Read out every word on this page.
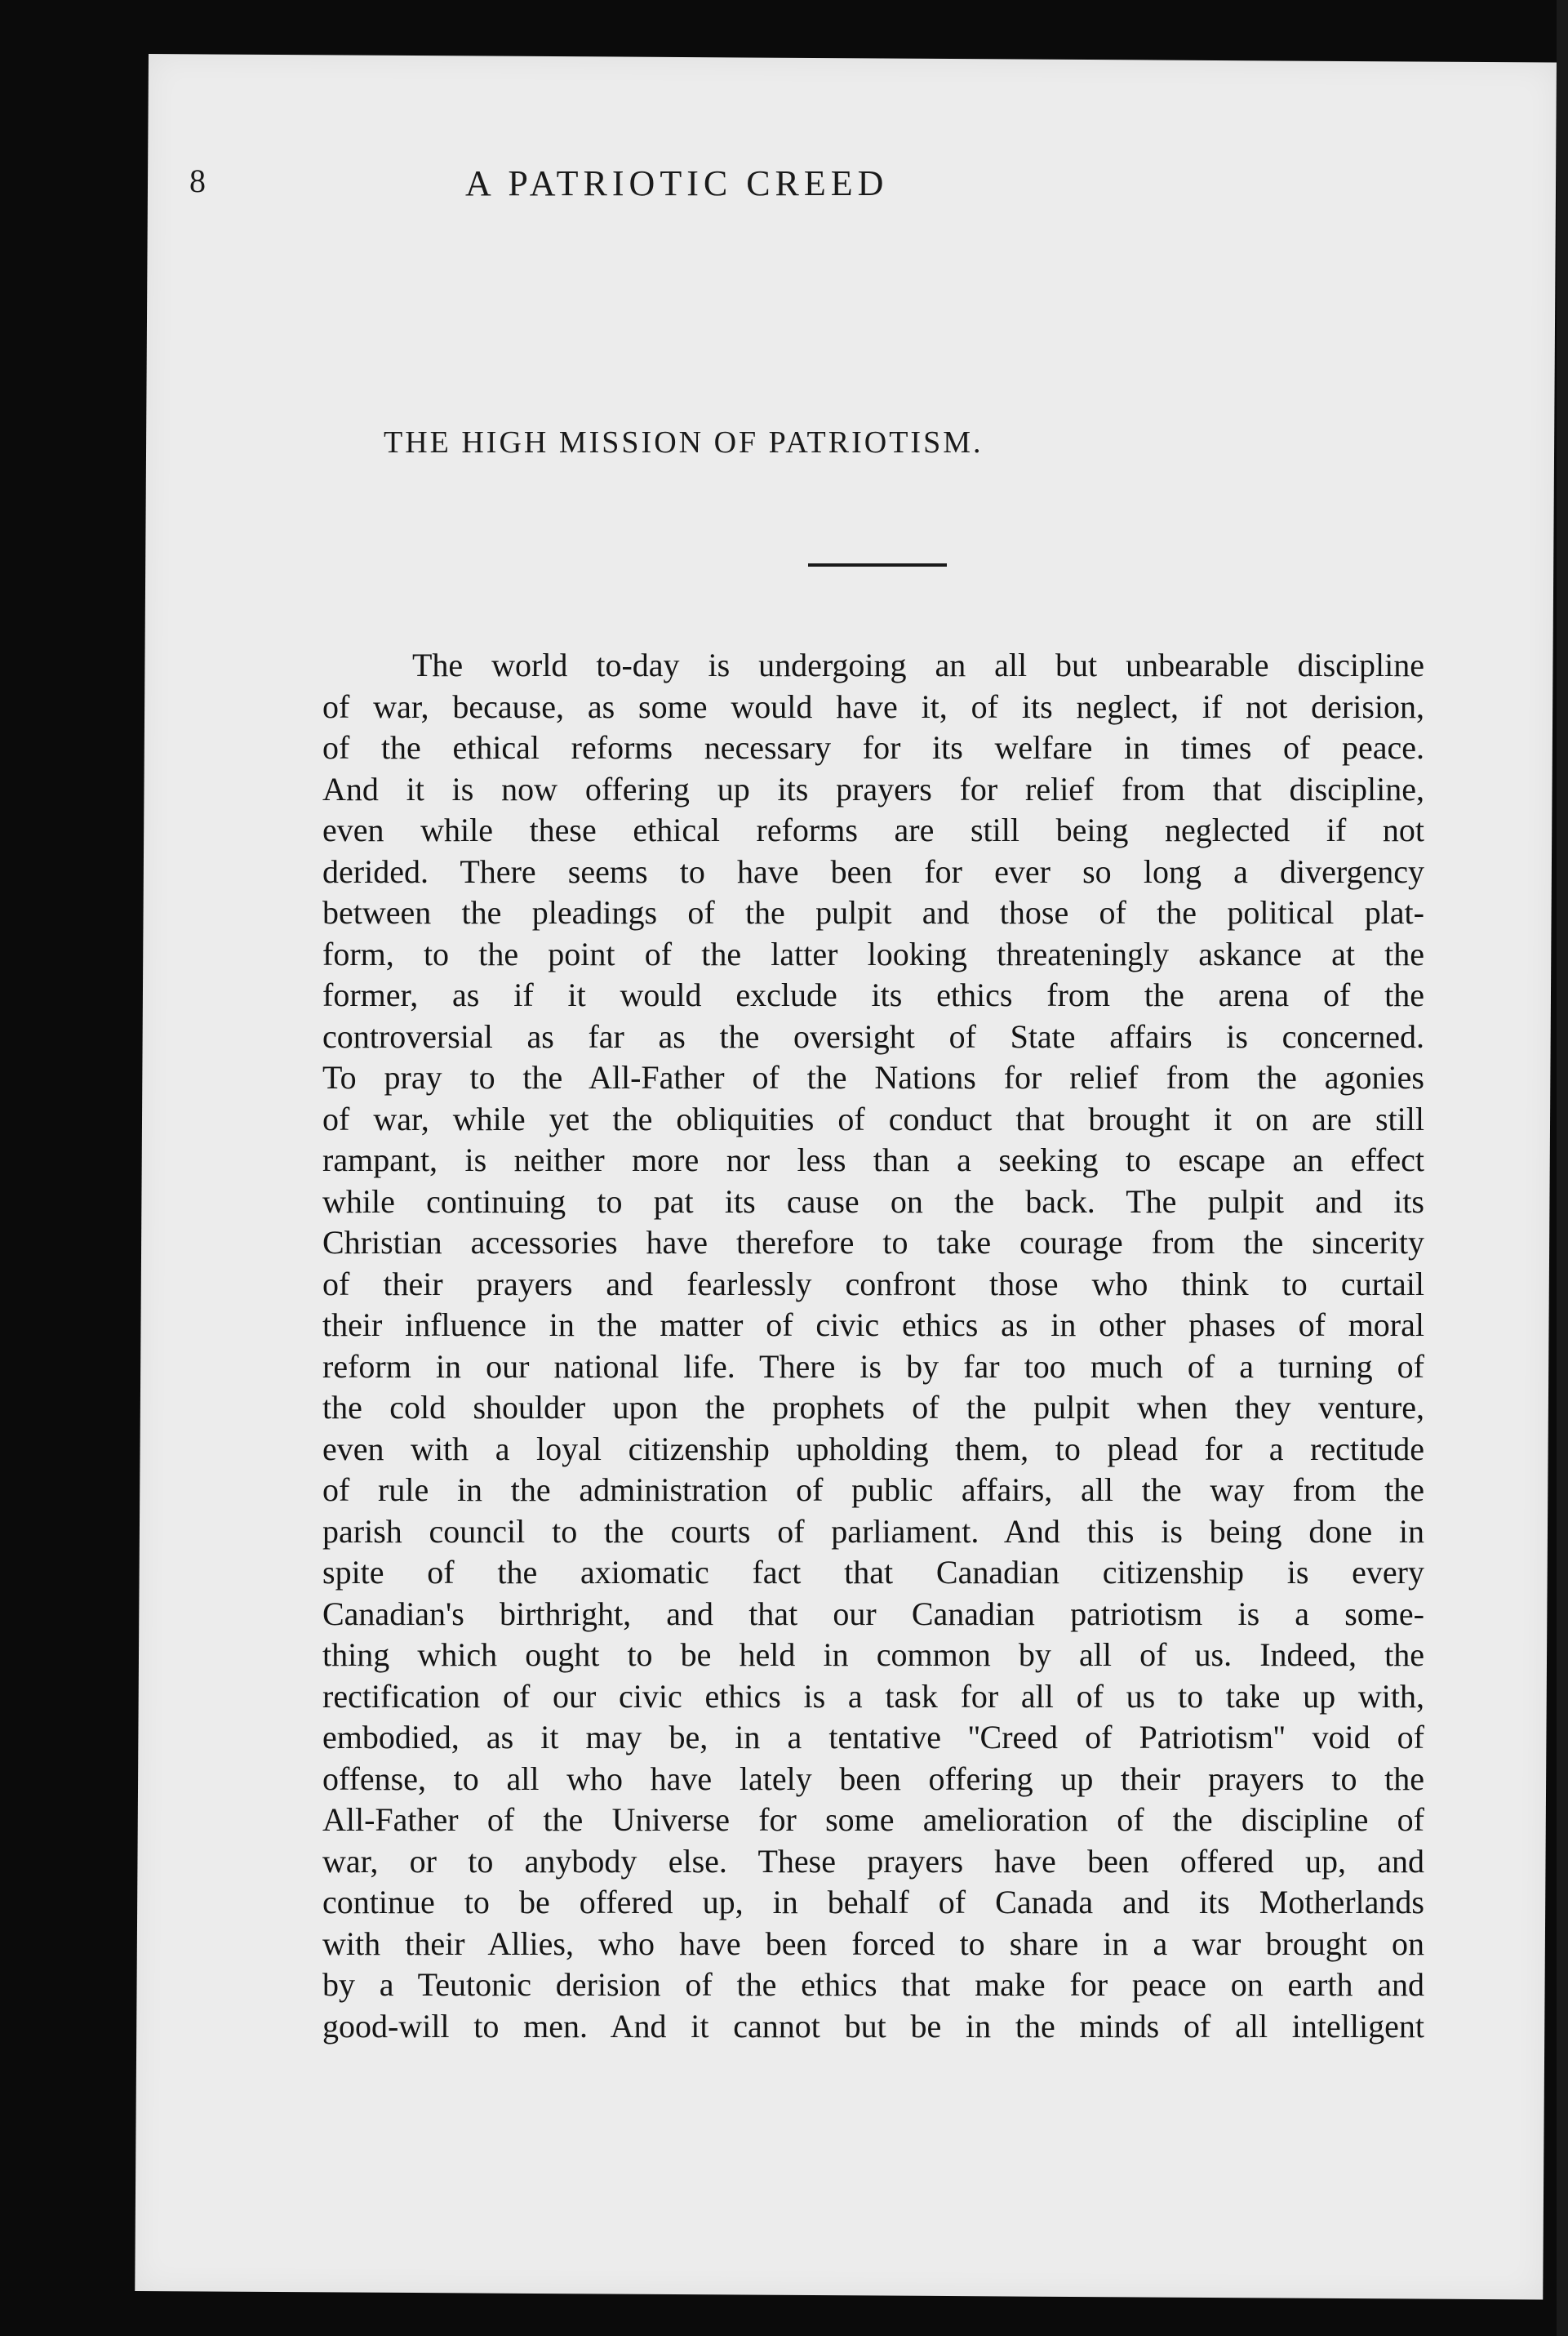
8	A PATRIOTIC CREED
THE HIGH MISSION OF PATRIOTISM.
The world to-day is undergoing an all but unbearable discipline
of war, because, as some would have it, of its neglect, if not derision,
of the ethical reforms necessary for its welfare in times of peace.
And it is now offering up its prayers for relief from that discipline,
even while these ethical reforms are still being neglected if not
derided. There seems to have been for ever so long a divergency
between the pleadings of the pulpit and those of the political plat-
form, to the point of the latter looking threateningly askance at the
former, as if it would exclude its ethics from the arena of the
controversial as far as the oversight of State affairs is concerned.
To pray to the All-Father of the Nations for relief from the agonies
of war, while yet the obliquities of conduct that brought it on are still
rampant, is neither more nor less than a seeking to escape an effect
while continuing to pat its cause on the back. The pulpit and its
Christian accessories have therefore to take courage from the sincerity
of their prayers and fearlessly confront those who think to curtail
their influence in the matter of civic ethics as in other phases of moral
reform in our national life. There is by far too much of a turning of
the cold shoulder upon the prophets of the pulpit when they venture,
even with a loyal citizenship upholding them, to plead for a rectitude
of rule in the administration of public affairs, all the way from the
parish council to the courts of parliament. And this is being done in
spite of the axiomatic fact that Canadian citizenship is every
Canadian's birthright, and that our Canadian patriotism is a some-
thing which ought to be held in common by all of us. Indeed, the
rectification of our civic ethics is a task for all of us to take up with,
embodied, as it may be, in a tentative ''Creed of Patriotism'' void of
offense, to all who have lately been offering up their prayers to the
All-Father of the Universe for some amelioration of the discipline of
war, or to anybody else. These prayers have been offered up, and
continue to be offered up, in behalf of Canada and its Motherlands
with their Allies, who have been forced to share in a war brought on
by a Teutonic derision of the ethics that make for peace on earth and
good-will to men. And it cannot but be in the minds of all intelligent
